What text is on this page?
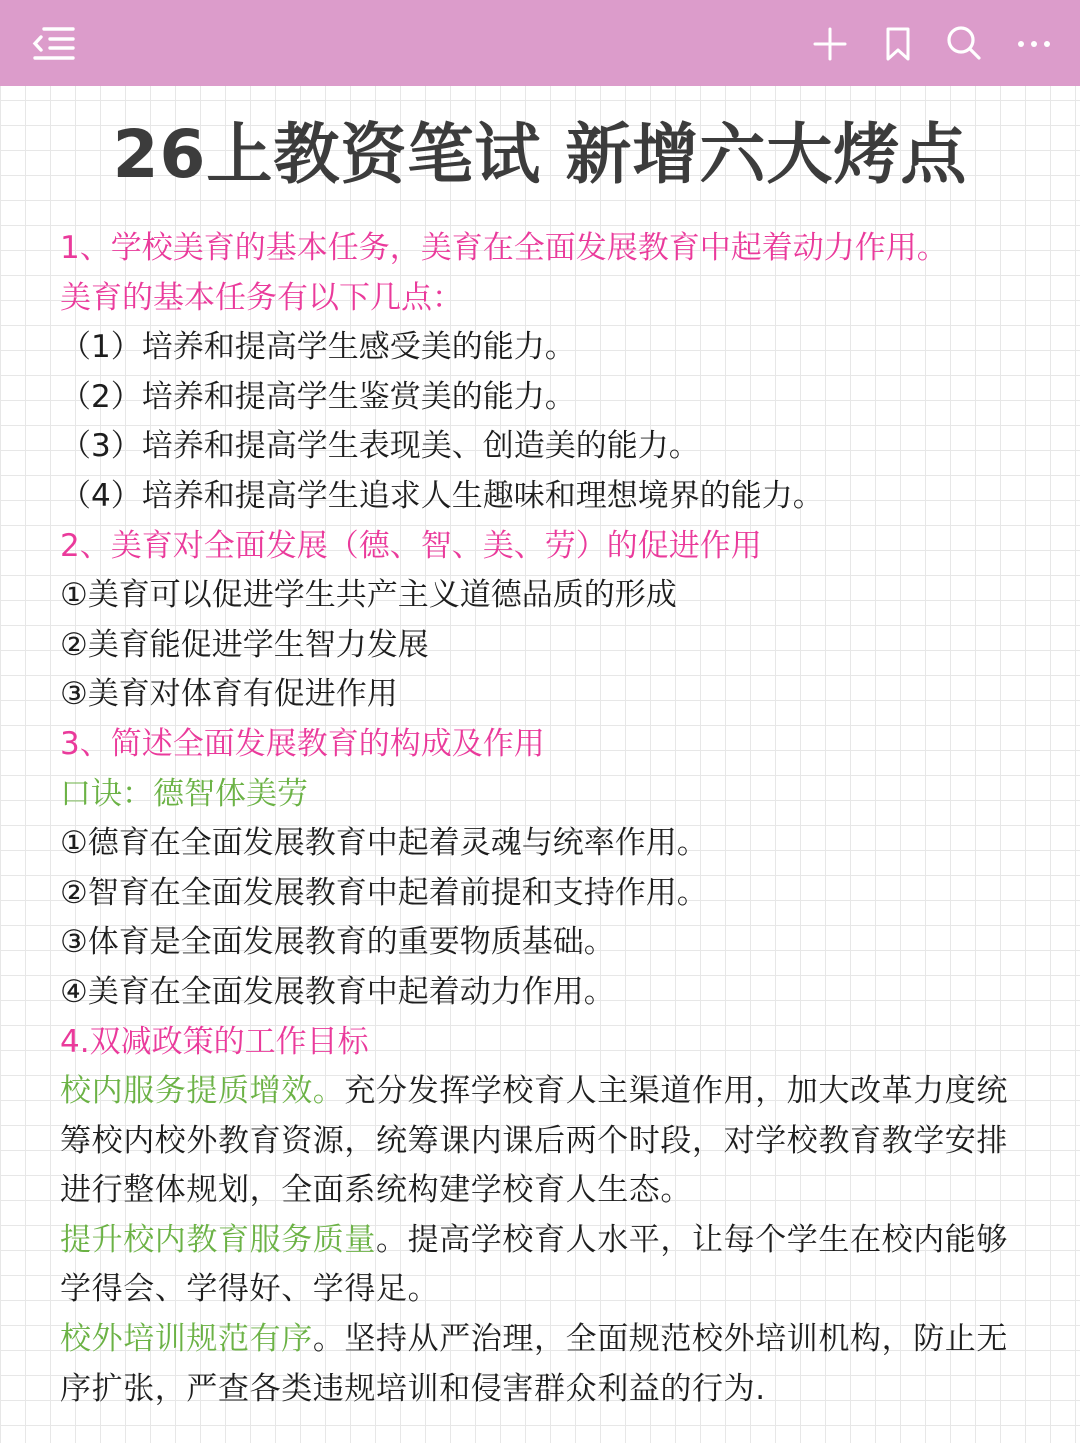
26上教资笔试 新增六大烤点
1、学校美育的基本任务，美育在全面发展教育中起着动力作用。
美育的基本任务有以下几点：
（1）培养和提高学生感受美的能力。
（2）培养和提高学生鉴赏美的能力。
（3）培养和提高学生表现美、创造美的能力。
（4）培养和提高学生追求人生趣味和理想境界的能力。
2、美育对全面发展（德、智、美、劳）的促进作用
①美育可以促进学生共产主义道德品质的形成
②美育能促进学生智力发展
③美育对体育有促进作用
3、简述全面发展教育的构成及作用
口诀：德智体美劳
①德育在全面发展教育中起着灵魂与统率作用。
②智育在全面发展教育中起着前提和支持作用。
③体育是全面发展教育的重要物质基础。
④美育在全面发展教育中起着动力作用。
4.双减政策的工作目标
校内服务提质增效。充分发挥学校育人主渠道作用，加大改革力度统 筹校内校外教育资源，统筹课内课后两个时段，对学校教育教学安排进行整体规划，全面系统构建学校育人生态。
提升校内教育服务质量。提高学校育人水平，让每个学生在校内能够学得会、学得好、学得足。
校外培训规范有序。坚持从严治理，全面规范校外培训机构，防止无序扩张，严查各类违规培训和侵害群众利益的行为.
